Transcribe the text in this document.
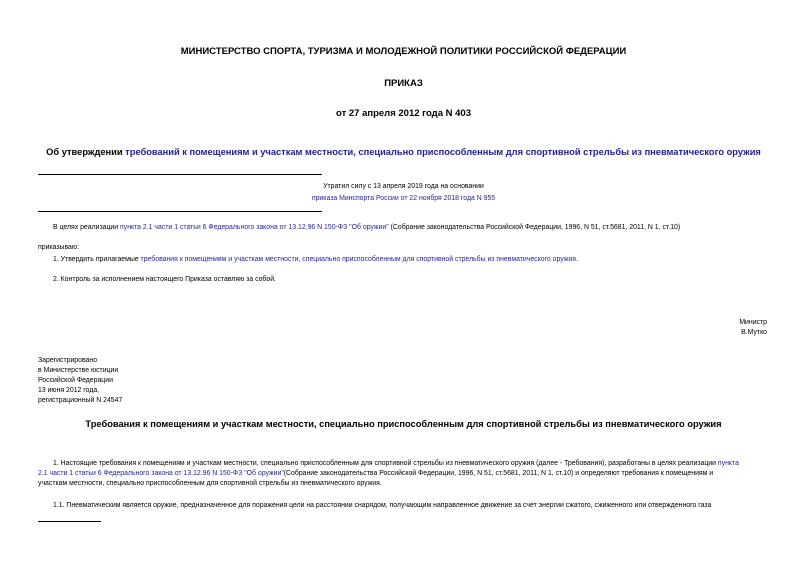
МИНИСТЕРСТВО СПОРТА, ТУРИЗМА И МОЛОДЕЖНОЙ ПОЛИТИКИ РОССИЙСКОЙ ФЕДЕРАЦИИ
ПРИКАЗ
от 27 апреля 2012 года N 403
Об утверждении требований к помещениям и участкам местности, специально приспособленным для спортивной стрельбы из пневматического оружия
Утратил силу с 13 апреля 2019 года на основании
приказа Минспорта России от 22 ноября 2018 года N 955
В целях реализации пункта 2.1 части 1 статьи 6 Федерального закона от 13.12.96 N 150-ФЗ "Об оружии" (Собрание законодательства Российской Федерации, 1996, N 51, ст.5681, 2011, N 1, ст.10)
приказываю:
1. Утвердить прилагаемые требования к помещениям и участкам местности, специально приспособленным для спортивной стрельбы из пневматического оружия.
2. Контроль за исполнением настоящего Приказа оставляю за собой.
Министр
В.Мутко
Зарегистрировано
в Министерстве юстиции
Российской Федерации
13 июня 2012 года,
регистрационный N 24547
Требования к помещениям и участкам местности, специально приспособленным для спортивной стрельбы из пневматического оружия
1. Настоящие требования к помещениям и участкам местности, специально приспособленным для спортивной стрельбы из пневматического оружия (далее - Требования), разработаны в целях реализации пункта
2.1 части 1 статьи 6 Федерального закона от 13.12.96 N 150-ФЗ "Об оружии"(Собрание законодательства Российской Федерации, 1996, N 51, ст.5681, 2011, N 1, ст.10) и определяют требования к помещениям и
участкам местности, специально приспособленным для спортивной стрельбы из пневматического оружия.
1.1. Пневматическим является оружие, предназначенное для поражения цели на расстоянии снарядом, получающим направленное движение за счет энергии сжатого, сжиженного или отвержденного газа
